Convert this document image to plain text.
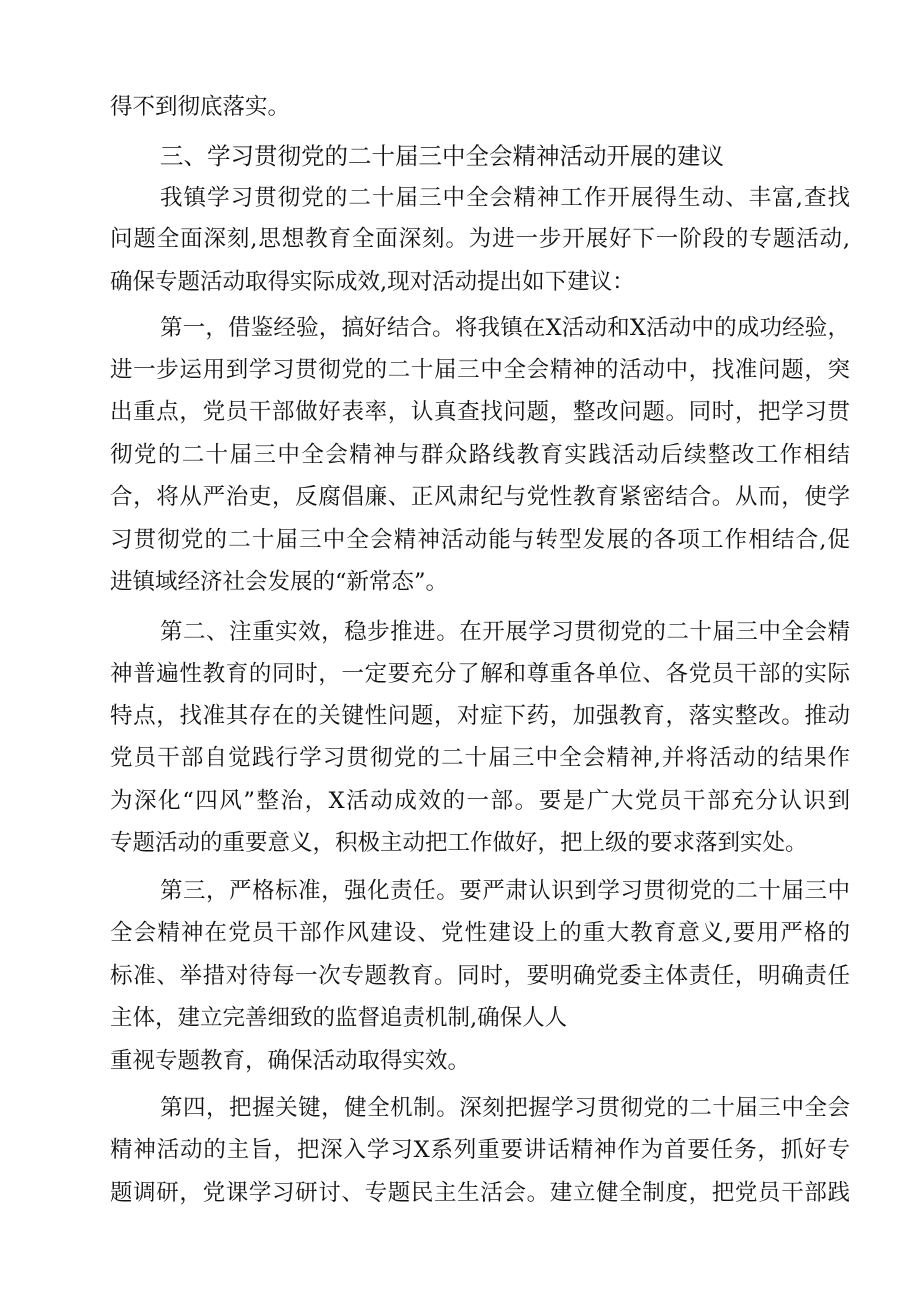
得不到彻底落实。
三、学习贯彻党的二十届三中全会精神活动开展的建议
我镇学习贯彻党的二十届三中全会精神工作开展得生动、丰富,查找
问题全面深刻,思想教育全面深刻。为进一步开展好下一阶段的专题活动,
确保专题活动取得实际成效,现对活动提出如下建议：
第一，借鉴经验，搞好结合。将我镇在X活动和X活动中的成功经验，
进一步运用到学习贯彻党的二十届三中全会精神的活动中，找准问题，突
出重点，党员干部做好表率，认真查找问题，整改问题。同时，把学习贯
彻党的二十届三中全会精神与群众路线教育实践活动后续整改工作相结
合，将从严治吏，反腐倡廉、正风肃纪与党性教育紧密结合。从而，使学
习贯彻党的二十届三中全会精神活动能与转型发展的各项工作相结合,促
进镇域经济社会发展的“新常态”。
第二、注重实效，稳步推进。在开展学习贯彻党的二十届三中全会精
神普遍性教育的同时，一定要充分了解和尊重各单位、各党员干部的实际
特点，找准其存在的关键性问题，对症下药，加强教育，落实整改。推动
党员干部自觉践行学习贯彻党的二十届三中全会精神,并将活动的结果作
为深化“四风”整治，X活动成效的一部。要是广大党员干部充分认识到
专题活动的重要意义，积极主动把工作做好，把上级的要求落到实处。
第三，严格标准，强化责任。要严肃认识到学习贯彻党的二十届三中
全会精神在党员干部作风建设、党性建设上的重大教育意义,要用严格的
标准、举措对待每一次专题教育。同时，要明确党委主体责任，明确责任
主体，建立完善细致的监督追责机制,确保人人
重视专题教育，确保活动取得实效。
第四，把握关键，健全机制。深刻把握学习贯彻党的二十届三中全会
精神活动的主旨，把深入学习X系列重要讲话精神作为首要任务，抓好专
题调研，党课学习研讨、专题民主生活会。建立健全制度，把党员干部践
